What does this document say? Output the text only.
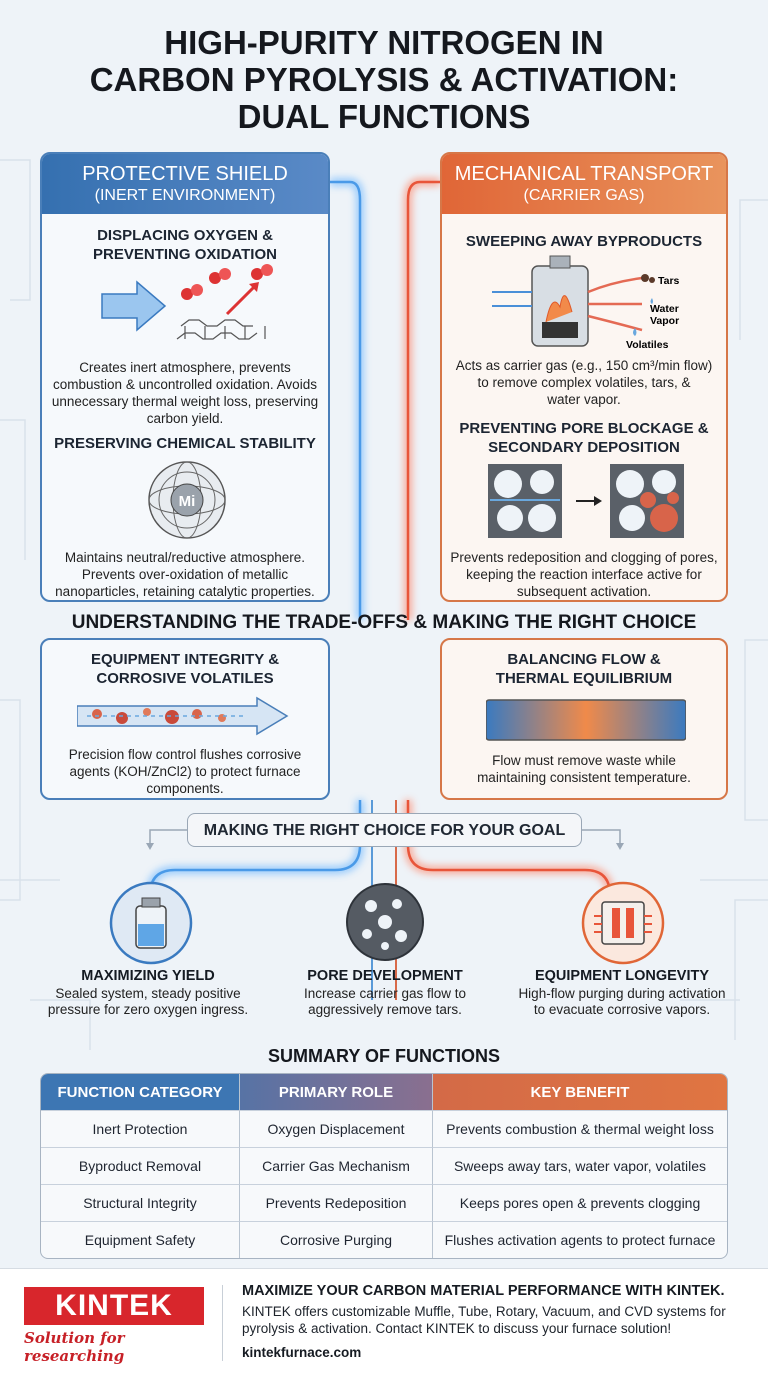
HIGH-PURITY NITROGEN IN
CARBON PYROLYSIS & ACTIVATION:
DUAL FUNCTIONS
PROTECTIVE SHIELD
(INERT ENVIRONMENT)
DISPLACING OXYGEN &
PREVENTING OXIDATION
Creates inert atmosphere, prevents
combustion & uncontrolled oxidation. Avoids
unnecessary thermal weight loss, preserving
carbon yield.
PRESERVING CHEMICAL STABILITY
Mi
Maintains neutral/reductive atmosphere.
Prevents over-oxidation of metallic
nanoparticles, retaining catalytic properties.
MECHANICAL TRANSPORT
(CARRIER GAS)
SWEEPING AWAY BYPRODUCTS
Tars
Water
Vapor
Volatiles
Acts as carrier gas (e.g., 150 cm³/min flow)
to remove complex volatiles, tars, &
water vapor.
PREVENTING PORE BLOCKAGE &
SECONDARY DEPOSITION
Prevents redeposition and clogging of pores,
keeping the reaction interface active for
subsequent activation.
UNDERSTANDING THE TRADE-OFFS & MAKING THE RIGHT CHOICE
EQUIPMENT INTEGRITY &
CORROSIVE VOLATILES
Precision flow control flushes corrosive
agents (KOH/ZnCl2) to protect furnace
components.
BALANCING FLOW &
THERMAL EQUILIBRIUM
Flow must remove waste while
maintaining consistent temperature.
MAKING THE RIGHT CHOICE FOR YOUR GOAL
MAXIMIZING YIELD
Sealed system, steady positive
pressure for zero oxygen ingress.
PORE DEVELOPMENT
Increase carrier gas flow to
aggressively remove tars.
EQUIPMENT LONGEVITY
High-flow purging during activation
to evacuate corrosive vapors.
SUMMARY OF FUNCTIONS
FUNCTION CATEGORY	PRIMARY ROLE	KEY BENEFIT
Inert Protection	Oxygen Displacement	Prevents combustion & thermal weight loss
Byproduct Removal	Carrier Gas Mechanism	Sweeps away tars, water vapor, volatiles
Structural Integrity	Prevents Redeposition	Keeps pores open & prevents clogging
Equipment Safety	Corrosive Purging	Flushes activation agents to protect furnace
KINTEK
Solution for researching
MAXIMIZE YOUR CARBON MATERIAL PERFORMANCE WITH KINTEK.
KINTEK offers customizable Muffle, Tube, Rotary, Vacuum, and CVD systems for
pyrolysis & activation. Contact KINTEK to discuss your furnace solution!
kintekfurnace.com
